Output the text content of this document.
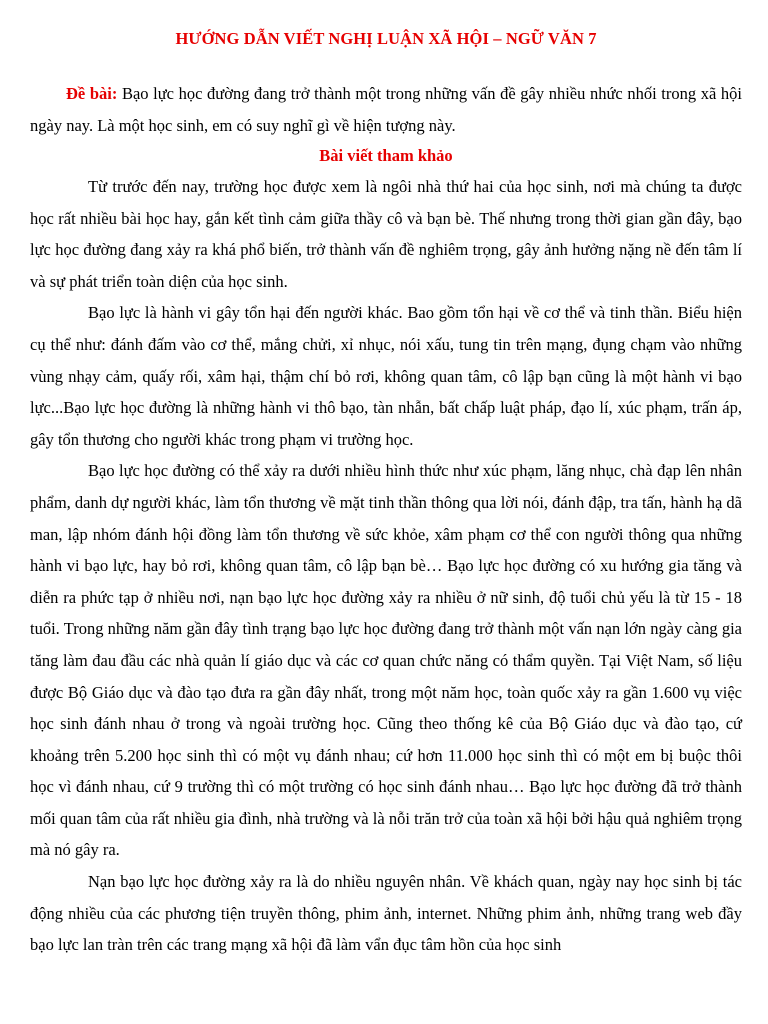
HƯỚNG DẪN VIẾT NGHỊ LUẬN XÃ HỘI – NGỮ VĂN 7

Đề bài: Bạo lực học đường đang trở thành một trong những vấn đề gây nhiều nhức nhối trong xã hội ngày nay. Là một học sinh, em có suy nghĩ gì về hiện tượng này.

Bài viết tham khảo

Từ trước đến nay, trường học được xem là ngôi nhà thứ hai của học sinh, nơi mà chúng ta được học rất nhiều bài học hay, gắn kết tình cảm giữa thầy cô và bạn bè. Thế nhưng trong thời gian gần đây, bạo lực học đường đang xảy ra khá phổ biến, trở thành vấn đề nghiêm trọng, gây ảnh hưởng nặng nề đến tâm lí và sự phát triển toàn diện của học sinh.

Bạo lực là hành vi gây tổn hại đến người khác. Bao gồm tổn hại về cơ thể và tinh thần. Biểu hiện cụ thể như: đánh đấm vào cơ thể, mắng chửi, xỉ nhục, nói xấu, tung tin trên mạng, đụng chạm vào những vùng nhạy cảm, quấy rối, xâm hại, thậm chí bỏ rơi, không quan tâm, cô lập bạn cũng là một hành vi bạo lực...Bạo lực học đường là những hành vi thô bạo, tàn nhẫn, bất chấp luật pháp, đạo lí, xúc phạm, trấn áp, gây tổn thương cho người khác trong phạm vi trường học.

Bạo lực học đường có thể xảy ra dưới nhiều hình thức như xúc phạm, lăng nhục, chà đạp lên nhân phẩm, danh dự người khác, làm tổn thương về mặt tinh thần thông qua lời nói, đánh đập, tra tấn, hành hạ dã man, lập nhóm đánh hội đồng làm tổn thương về sức khỏe, xâm phạm cơ thể con người thông qua những hành vi bạo lực, hay bỏ rơi, không quan tâm, cô lập bạn bè… Bạo lực học đường có xu hướng gia tăng và diễn ra phức tạp ở nhiều nơi, nạn bạo lực học đường xảy ra nhiều ở nữ sinh, độ tuổi chủ yếu là từ 15 - 18 tuổi. Trong những năm gần đây tình trạng bạo lực học đường đang trở thành một vấn nạn lớn ngày càng gia tăng làm đau đầu các nhà quản lí giáo dục và các cơ quan chức năng có thẩm quyền. Tại Việt Nam, số liệu được Bộ Giáo dục và đào tạo đưa ra gần đây nhất, trong một năm học, toàn quốc xảy ra gần 1.600 vụ việc học sinh đánh nhau ở trong và ngoài trường học. Cũng theo thống kê của Bộ Giáo dục và đào tạo, cứ khoảng trên 5.200 học sinh thì có một vụ đánh nhau; cứ hơn 11.000 học sinh thì có một em bị buộc thôi học vì đánh nhau, cứ 9 trường thì có một trường có học sinh đánh nhau… Bạo lực học đường đã trở thành mối quan tâm của rất nhiều gia đình, nhà trường và là nỗi trăn trở của toàn xã hội bởi hậu quả nghiêm trọng mà nó gây ra.

Nạn bạo lực học đường xảy ra là do nhiều nguyên nhân. Về khách quan, ngày nay học sinh bị tác động nhiều của các phương tiện truyền thông, phim ảnh, internet. Những phim ảnh, những trang web đầy bạo lực lan tràn trên các trang mạng xã hội đã làm vẩn đục tâm hồn của học sinh
